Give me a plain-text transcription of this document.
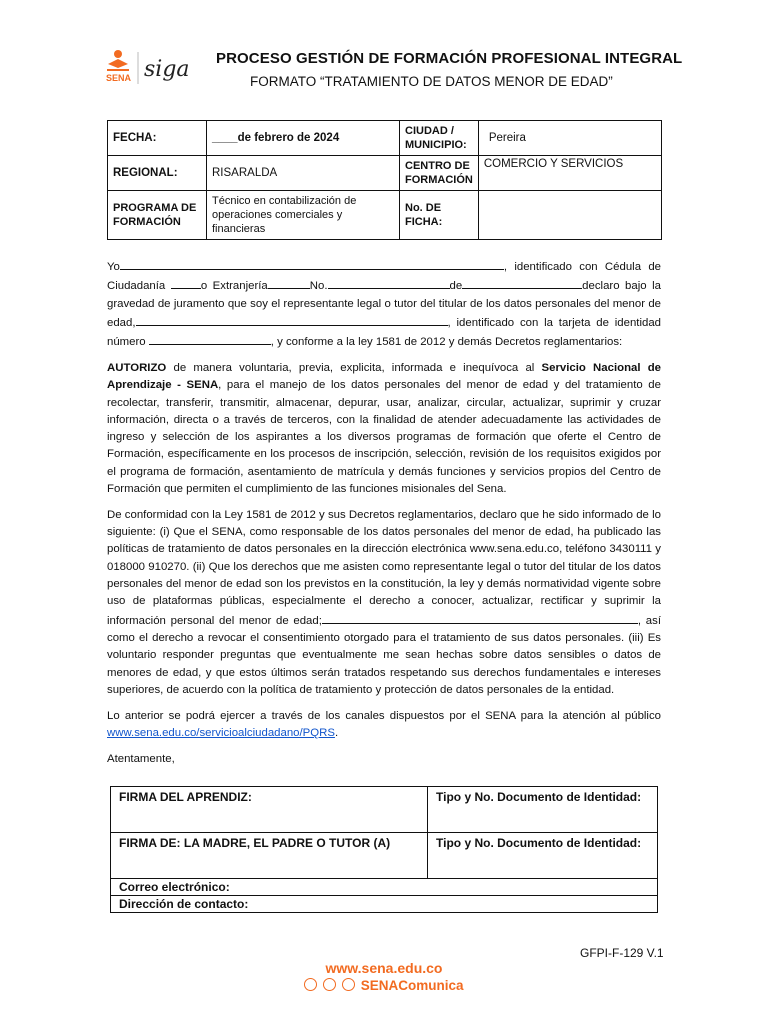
SENA siga PROCESO GESTIÓN DE FORMACIÓN PROFESIONAL INTEGRAL
FORMATO “TRATAMIENTO DE DATOS MENOR DE EDAD”
FECHA:	____de febrero de 2024	CIUDAD / MUNICIPIO:	Pereira
REGIONAL:	RISARALDA	CENTRO DE FORMACIÓN	COMERCIO Y SERVICIOS
PROGRAMA DE FORMACIÓN	Técnico en contabilización de operaciones comerciales y financieras	No. DE FICHA:	

Yo	, identificado con Cédula de Ciudadanía	o Extranjería	No.	de	declaro bajo la gravedad de juramento que soy el representante legal o tutor del titular de los datos personales del menor de edad,	, identificado con la tarjeta de identidad número	, y conforme a la ley 1581 de 2012 y demás Decretos reglamentarios:

AUTORIZO de manera voluntaria, previa, explicita, informada e inequívoca al Servicio Nacional de Aprendizaje - SENA, para el manejo de los datos personales del menor de edad y del tratamiento de recolectar, transferir, transmitir, almacenar, depurar, usar, analizar, circular, actualizar, suprimir y cruzar información, directa o a través de terceros, con la finalidad de atender adecuadamente las actividades de ingreso y selección de los aspirantes a los diversos programas de formación que oferte el Centro de Formación, específicamente en los procesos de inscripción, selección, revisión de los requisitos exigidos por el programa de formación, asentamiento de matrícula y demás funciones y servicios propios del Centro de Formación que permiten el cumplimiento de las funciones misionales del Sena.

De conformidad con la Ley 1581 de 2012 y sus Decretos reglamentarios, declaro que he sido informado de lo siguiente: (i) Que el SENA, como responsable de los datos personales del menor de edad, ha publicado las políticas de tratamiento de datos personales en la dirección electrónica www.sena.edu.co, teléfono 3430111 y 018000 910270. (ii) Que los derechos que me asisten como representante legal o tutor del titular de los datos personales del menor de edad son los previstos en la constitución, la ley y demás normatividad vigente sobre uso de plataformas públicas, especialmente el derecho a conocer, actualizar, rectificar y suprimir la información personal del menor de edad;	, así como el derecho a revocar el consentimiento otorgado para el tratamiento de sus datos personales. (iii) Es voluntario responder preguntas que eventualmente me sean hechas sobre datos sensibles o datos de menores de edad, y que estos últimos serán tratados respetando sus derechos fundamentales e intereses superiores, de acuerdo con la política de tratamiento y protección de datos personales de la entidad.

Lo anterior se podrá ejercer a través de los canales dispuestos por el SENA para la atención al público www.sena.edu.co/servicioalciudadano/PQRS.

Atentamente,

FIRMA DEL APRENDIZ:	Tipo y No. Documento de Identidad:
FIRMA DE: LA MADRE, EL PADRE O TUTOR (A)	Tipo y No. Documento de Identidad:
Correo electrónico:	
Dirección de contacto:	
GFPI-F-129 V.1
www.sena.edu.co
SENAComunica
